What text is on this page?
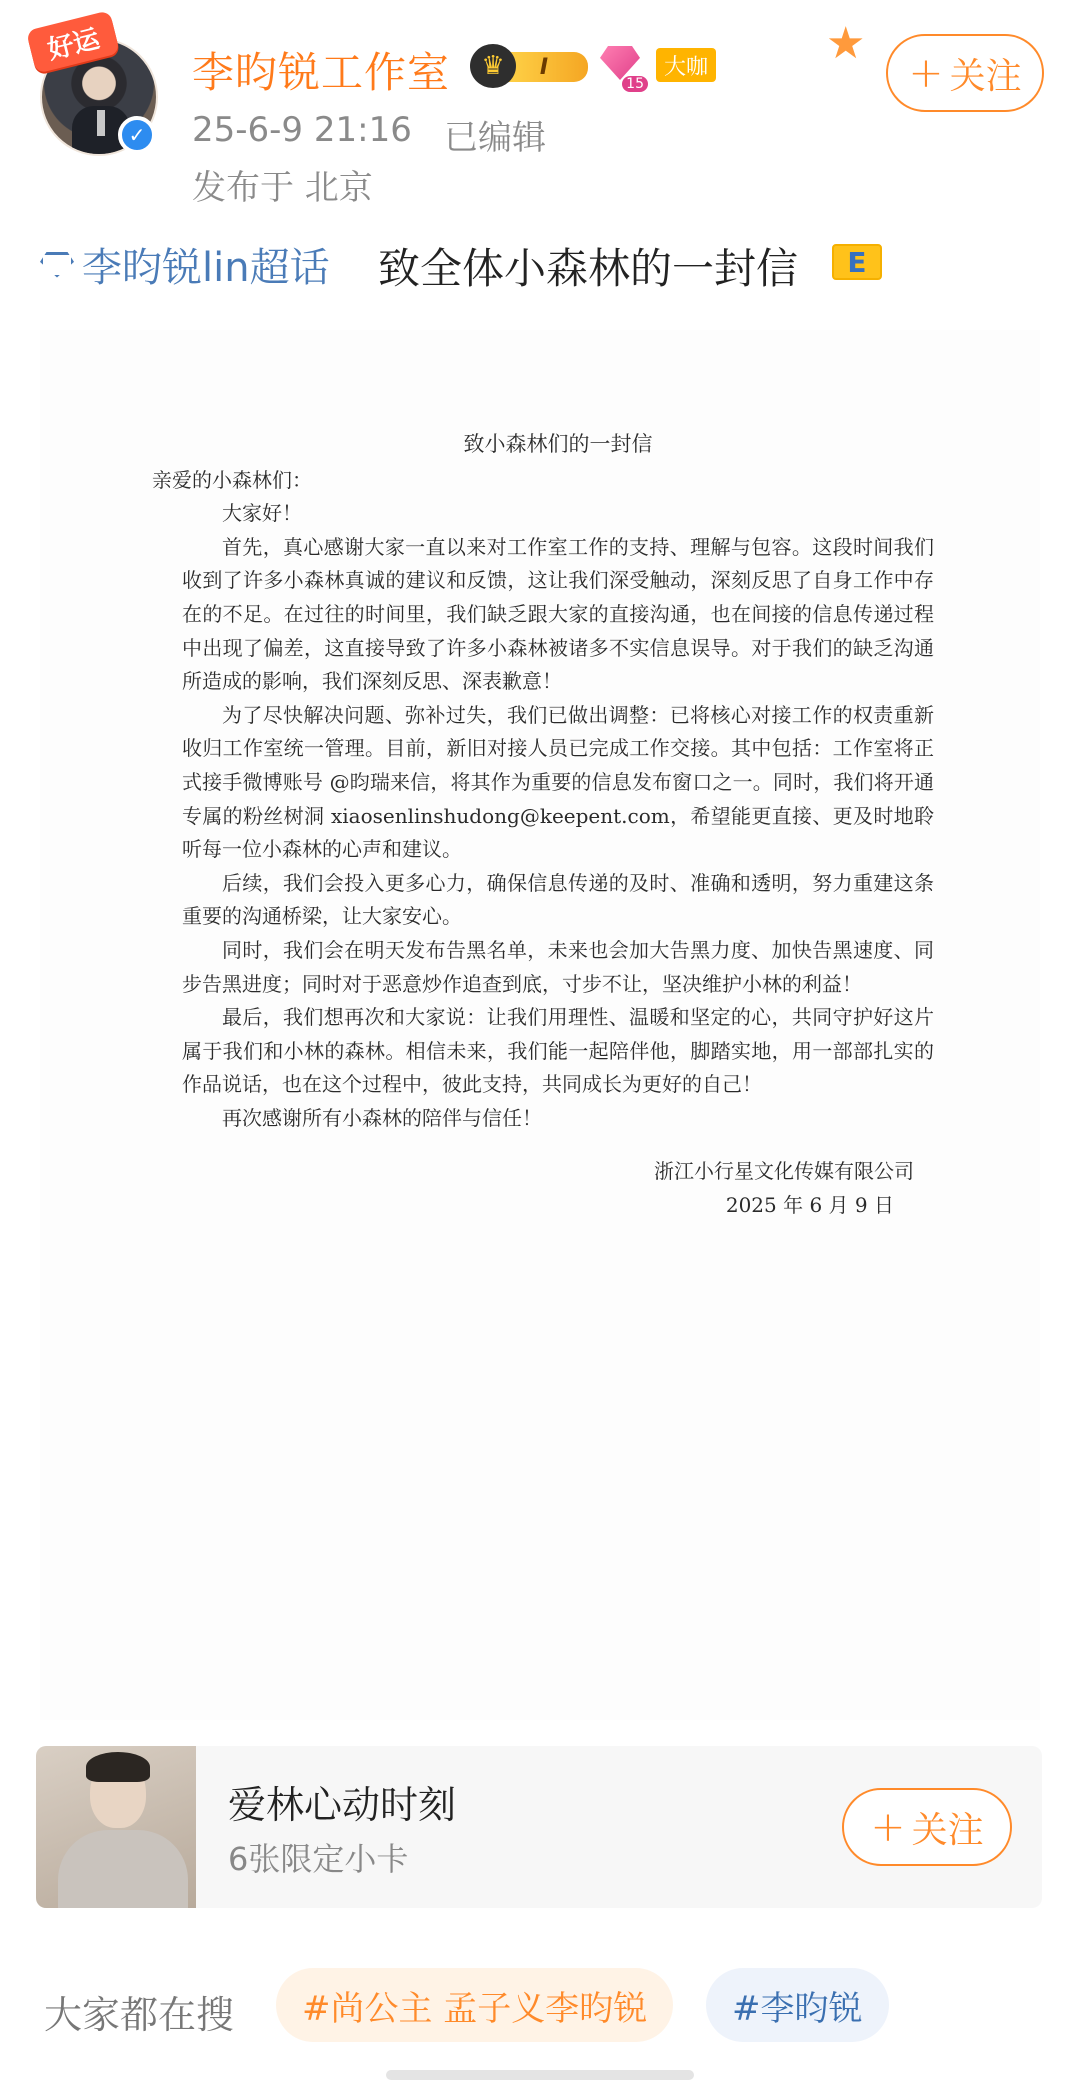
好运
✓
李昀锐工作室	I
♛
15
大咖	★
+ 关注
25-6-9 21:16 已编辑
发布于 北京
李昀锐lin超话 致全体小森林的一封信	E
致小森林们的一封信
亲爱的小森林们：

大家好！

首先，真心感谢大家一直以来对工作室工作的支持、理解与包容。这段时间我们收到了许多小森林真诚的建议和反馈，这让我们深受触动，深刻反思了自身工作中存在的不足。在过往的时间里，我们缺乏跟大家的直接沟通，也在间接的信息传递过程中出现了偏差，这直接导致了许多小森林被诸多不实信息误导。对于我们的缺乏沟通所造成的影响，我们深刻反思、深表歉意！

为了尽快解决问题、弥补过失，我们已做出调整：已将核心对接工作的权责重新收归工作室统一管理。目前，新旧对接人员已完成工作交接。其中包括：工作室将正式接手微博账号 @昀瑞来信，将其作为重要的信息发布窗口之一。同时，我们将开通专属的粉丝树洞 xiaosenlinshudong@keepent.com，希望能更直接、更及时地聆听每一位小森林的心声和建议。

后续，我们会投入更多心力，确保信息传递的及时、准确和透明，努力重建这条重要的沟通桥梁，让大家安心。

同时，我们会在明天发布告黑名单，未来也会加大告黑力度、加快告黑速度、同步告黑进度；同时对于恶意炒作追查到底，寸步不让，坚决维护小林的利益！

最后，我们想再次和大家说：让我们用理性、温暖和坚定的心，共同守护好这片属于我们和小林的森林。相信未来，我们能一起陪伴他，脚踏实地，用一部部扎实的作品说话，也在这个过程中，彼此支持，共同成长为更好的自己！

再次感谢所有小森林的陪伴与信任！

浙江小行星文化传媒有限公司
2025 年 6 月 9 日
爱林心动时刻
6张限定小卡
+ 关注
大家都在搜	#尚公主 孟子义李昀锐	#李昀锐
